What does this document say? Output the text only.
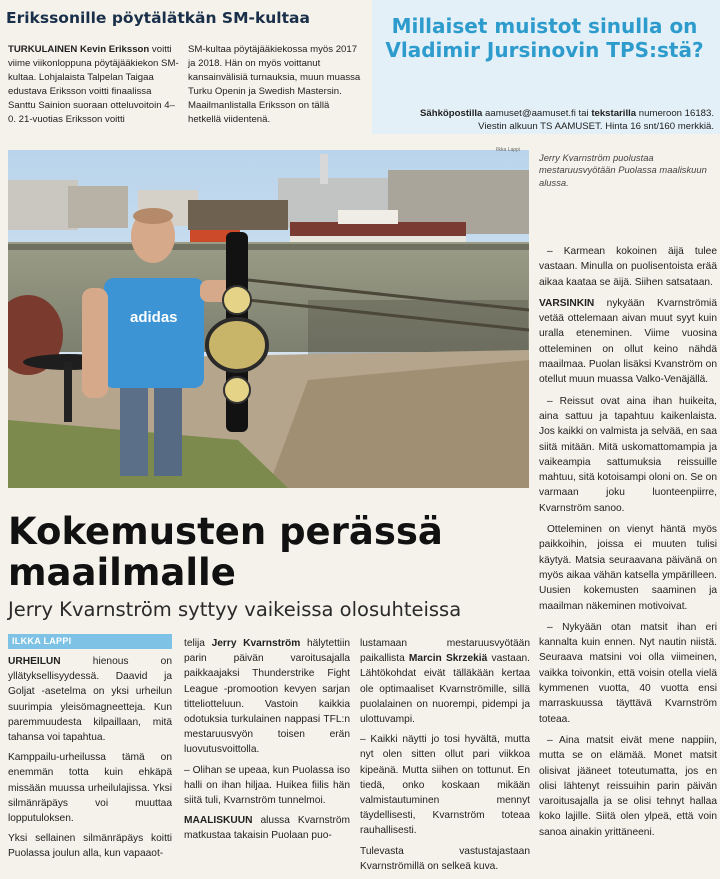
Erikssonille pöytälätkän SM-kultaa
TURKULAINEN Kevin Eriksson voitti viime viikonloppuna pöytäjääkiekon SM-kultaa. Lohjalaista Talpelan Taigaa edustava Eriksson voitti finaalissa Santtu Sainion suoraan otteluvoitoin 4–0. 21-vuotias Eriksson voitti
SM-kultaa pöytäjääkiekossa myös 2017 ja 2018. Hän on myös voittanut kansainvälisiä turnauksia, muun muassa Turku Openin ja Swedish Mastersin. Maailmanlistalla Eriksson on tällä hetkellä viidentenä.
Millaiset muistot sinulla on Vladimir Jursinovin TPS:stä?
Sähköpostilla aamuset@aamuset.fi tai tekstarilla numeroon 16183.
Viestin alkuun TS AAMUSET. Hinta 16 snt/160 merkkiä.
adidas
Ilkka Lappi
Jerry Kvarnström puolustaa mestaruusvyötään Puolassa maaliskuun alussa.

– Karmean kokoinen äijä tulee vastaan. Minulla on puolisentoista erää aikaa kaataa se äijä. Siihen satsataan.

VARSINKIN nykyään Kvarnströmiä vetää ottelemaan aivan muut syyt kuin uralla eteneminen. Viime vuosina otteleminen on ollut keino nähdä maailmaa. Puolan lisäksi Kvanström on otellut muun muassa Valko-Venäjällä.

– Reissut ovat aina ihan huikeita, aina sattuu ja tapahtuu kaikenlaista. Jos kaikki on valmista ja selvää, en saa siitä mitään. Mitä uskomattomampia ja vaikeampia sattumuksia reissuille mahtuu, sitä kotoisampi oloni on. Se on varmaan joku luonteenpiirre, Kvarnström sanoo.

Otteleminen on vienyt häntä myös paikkoihin, joissa ei muuten tulisi käytyä. Matsia seuraavana päivänä on myös aikaa vähän katsella ympärilleen. Uusien kokemusten saaminen ja maailman näkeminen motivoivat.

– Nykyään otan matsit ihan eri kannalta kuin ennen. Nyt nautin niistä. Seuraava matsini voi olla viimeinen, vaikka toivonkin, että voisin otella vielä kymmenen vuotta, 40 vuotta ensi marraskuussa täyttävä Kvarnström toteaa.

– Aina matsit eivät mene nappiin, mutta se on elämää. Monet matsit olisivat jääneet toteutumatta, jos en olisi lähtenyt reissuihin parin päivän varoitusajalla ja se olisi tehnyt hallaa koko lajille. Siitä olen ylpeä, että voin sanoa ainakin yrittäneeni.

Kokemusten perässä maailmalle
Jerry Kvarnström syttyy vaikeissa olosuhteissa
ILKKA LAPPI

URHEILUN hienous on yllätyksellisyydessä. Daavid ja Goljat -asetelma on yksi urheilun suurimpia yleisömagneetteja. Kun paremmuudesta kilpaillaan, mitä tahansa voi tapahtua.

Kamppailu-urheilussa tämä on enemmän totta kuin ehkäpä missään muussa urheilulajissa. Yksi silmänräpäys voi muuttaa lopputuloksen.

Yksi sellainen silmänräpäys koitti Puolassa joulun alla, kun vapaaot-

telija Jerry Kvarnström hälytettiin parin päivän varoitusajalla paikkaajaksi Thunderstrike Fight League -promootion kevyen sarjan titteliotteluun. Vastoin kaikkia odotuksia turkulainen nappasi TFL:n mestaruusvyön toisen erän luovutusvoittolla.

– Olihan se upeaa, kun Puolassa iso halli on ihan hiljaa. Huikea fiilis hän siitä tuli, Kvarnström tunnelmoi.

MAALISKUUN alussa Kvarnström matkustaa takaisin Puolaan puo-

lustamaan mestaruusvyötään paikallista Marcin Skrzekiä vastaan. Lähtökohdat eivät tälläkään kertaa ole optimaaliset Kvarnströmille, sillä puolalainen on nuorempi, pidempi ja ulottuvampi.

– Kaikki näytti jo tosi hyvältä, mutta nyt olen sitten ollut pari viikkoa kipeänä. Mutta siihen on tottunut. En tiedä, onko koskaan mikään valmistautuminen mennyt täydellisesti, Kvarnström toteaa rauhallisesti.

Tulevasta vastustajastaan Kvarnströmillä on selkeä kuva.
